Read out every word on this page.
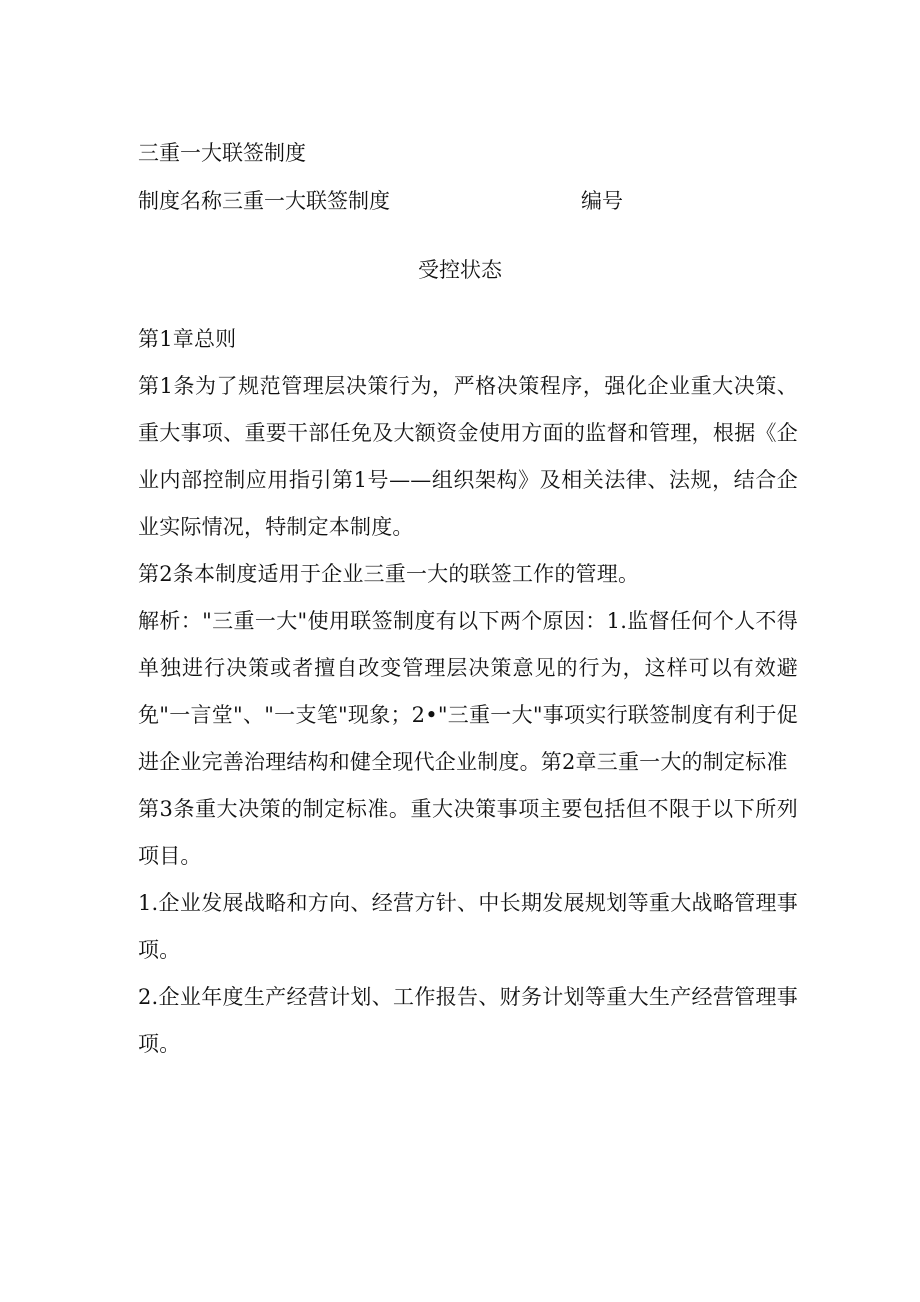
三重一大联签制度
制度名称三重一大联签制度	编号
受控状态

第1章总则

第1条为了规范管理层决策行为，严格决策程序，强化企业重大决策、重大事项、重要干部任免及大额资金使用方面的监督和管理，根据《企业内部控制应用指引第1号——组织架构》及相关法律、法规，结合企业实际情况，特制定本制度。

第2条本制度适用于企业三重一大的联签工作的管理。

解析："三重一大"使用联签制度有以下两个原因：1.监督任何个人不得单独进行决策或者擅自改变管理层决策意见的行为，这样可以有效避免"一言堂"、"一支笔"现象；2•"三重一大"事项实行联签制度有利于促进企业完善治理结构和健全现代企业制度。第2章三重一大的制定标准

第3条重大决策的制定标准。重大决策事项主要包括但不限于以下所列项目。

1.企业发展战略和方向、经营方针、中长期发展规划等重大战略管理事项。

2.企业年度生产经营计划、工作报告、财务计划等重大生产经营管理事项。
